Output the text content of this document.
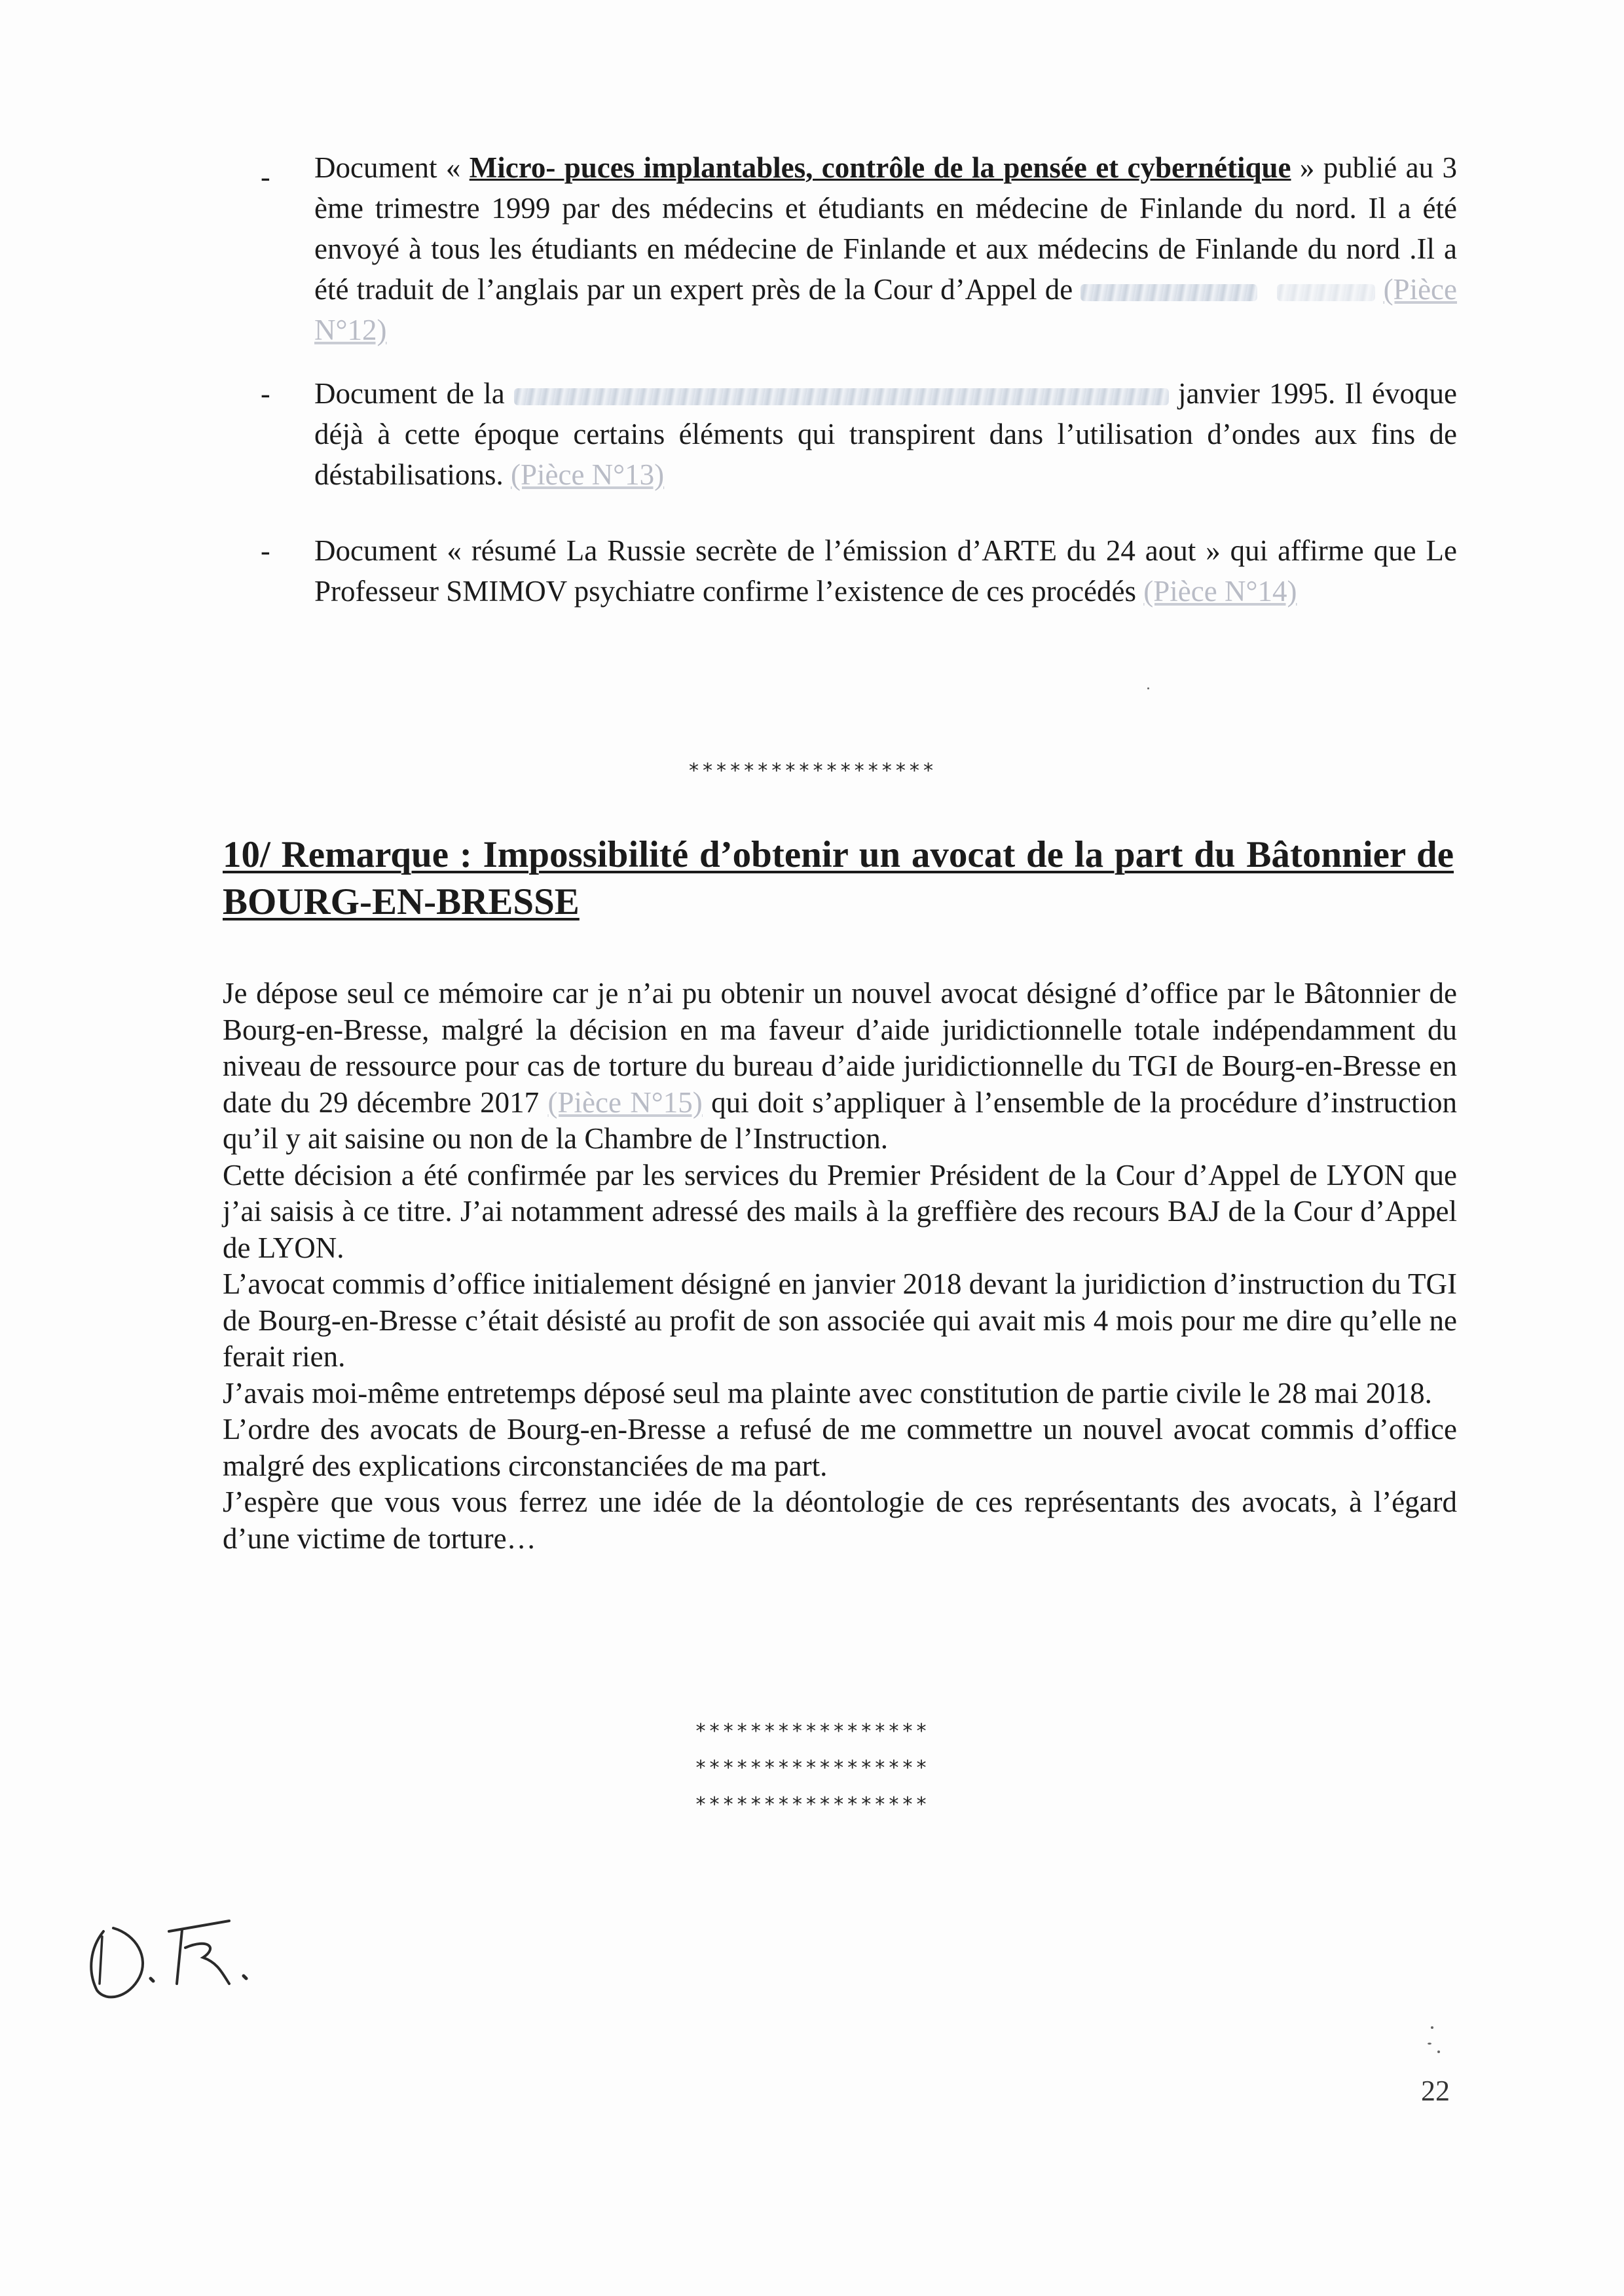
- Document « Micro- puces implantables, contrôle de la pensée et cybernétique » publié au 3 ème trimestre 1999 par des médecins et étudiants en médecine de Finlande du nord. Il a été envoyé à tous les étudiants en médecine de Finlande et aux médecins de Finlande du nord .Il a été traduit de l’anglais par un expert près de la Cour d’Appel de	(Pièce N°12)
- Document de la	janvier 1995. Il évoque déjà à cette époque certains éléments qui transpirent dans l’utilisation d’ondes aux fins de déstabilisations. (Pièce N°13)
- Document « résumé La Russie secrète de l’émission d’ARTE du 24 aout » qui affirme que Le Professeur SMIMOV psychiatre confirme l’existence de ces procédés (Pièce N°14)
******************
10/ Remarque : Impossibilité d’obtenir un avocat de la part du Bâtonnier de BOURG-EN-BRESSE

Je dépose seul ce mémoire car je n’ai pu obtenir un nouvel avocat désigné d’office par le Bâtonnier de Bourg-en-Bresse, malgré la décision en ma faveur d’aide juridictionnelle totale indépendamment du niveau de ressource pour cas de torture du bureau d’aide juridictionnelle du TGI de Bourg-en-Bresse en date du 29 décembre 2017 (Pièce N°15) qui doit s’appliquer à l’ensemble de la procédure d’instruction qu’il y ait saisine ou non de la Chambre de l’Instruction.

Cette décision a été confirmée par les services du Premier Président de la Cour d’Appel de LYON que j’ai saisis à ce titre. J’ai notamment adressé des mails à la greffière des recours BAJ de la Cour d’Appel de LYON.

L’avocat commis d’office initialement désigné en janvier 2018 devant la juridiction d’instruction du TGI de Bourg-en-Bresse c’était désisté au profit de son associée qui avait mis 4 mois pour me dire qu’elle ne ferait rien.

J’avais moi-même entretemps déposé seul ma plainte avec constitution de partie civile le 28 mai 2018.

L’ordre des avocats de Bourg-en-Bresse a refusé de me commettre un nouvel avocat commis d’office malgré des explications circonstanciées de ma part.

J’espère que vous vous ferrez une idée de la déontologie de ces représentants des avocats, à l’égard d’une victime de torture…

*****************
*****************
*****************
22
